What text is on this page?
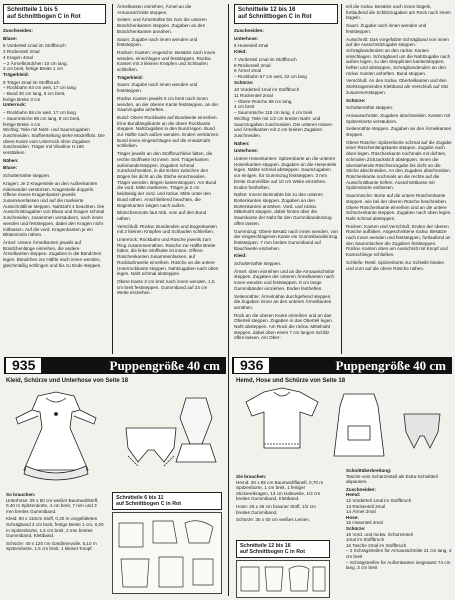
Schnitteile 1 bis 5
auf Schnittbogen C in Rot

Zuschneiden:

Bluse:

5 Vorderteil 1mal im Stoffbruch
2 Rückenteil 2mal
4 Kragen 4mal
– 2 Ärmelbündchen 10 cm lang,
2 cm breit, fertige Breite 1 cm

Trägerkleid:

5 Träger 2mal im Stoffbruch
– Rockbahn 64 cm weit, 17 cm lang
– Bund 30 cm lang, 6 cm breit,
fertige Breite 3 cm

Unterrock:

– Rockbahn 58 cm weit, 17 cm lang
– Saumrüsche 88 cm lang, 8 cm breit,
fertige Breite 4 cm

Wichtig: Teile mit Naht- und Saumzugaben zuschneiden. Stoffverteilung siehe Modellfoto. Die obere Kante vom Unterrock ohne Zugaben zuschneiden. Träger mit Vliesline H 180 verstärken.

Nähen:

Bluse:

Schulternähte steppen.

Kragen: Je 2 Kragenteile an den Außenkanten miteinander verstürzen. Kragenteile doppeln. Offene innere Kragenkanten jeweils zusammenfassen und auf die markierte Ausschnittlinie steppen. Nahtzahl 4 beachten. Die Ausschnittzugaben von Bluse und Kragen schmal zuschneiden, zusammen versäubern, nach innen wenden und feststeppen, dabei den Kragen nicht mitfassen. Auf die vord. Kragenkanten je ein Blütenmotiv nähen.

Ärmel: Untere Ärmelkanten jeweils auf Bündchenlänge einreihen, die andere Ärmelkanten steppen. Zugaben in die Bündchen legen. Bündchen zur Hälfte nach innen wenden, gleichmäßig schlingen und bis zu Ende steppen.

Ärmelkanten einreihen, Ärmel an die Armausschnitte steppen.

Seiten- und Ärmelnähte bis zum die unteren Bündchenkanten steppen. Zugaben an den Bündchenkanten annähen.

Saum: Zugabe nach innen wenden und feststeppen.

Rücken: Kanten: Angeschn. Besätze nach innen wenden, einschlagen und feststeppen. Rückw. Kanten mit 3 kleinen Knöpfen und Schlaufen schließen.

Trägerkleid:

Saum: Zugabe nach innen wenden und feststeppen.

Rückw. Kanten jeweils 5 cm breit nach innen wenden, an der oberen Kante feststeppen, an der Saumzugabe anheften.

Bund: Obere Rockkante auf Bundweite einreihen. Eine Bundlängskante an die obere Rockkante steppen. Nahtzugaben in den Bund legen. Bund zur Hälfte nach außen wenden. Enden verstürzen. Bund innen eingeschlagen auf die Ansatznaht schließen.

Träger jeweils an den Stoffbruchlinie falten, die rechte Stoffseite ist innen. Seit. Trägerkanten aufeinandersteppen. Zugaben schmal zurückschneiden, in die Ecken zwischen den Bögen bis dicht an die Stiche einschneiden. Träger wenden. Bögen kantenstoppen. Am Bund die vord. Mitte markieren. Träger je 2 cm beidseitig der vord. und rückw. Mitte unter den Bund nähen. Anschließend beachten, die Bogenkanten zeigen nach außen.

Blümchenmotiv laut Abb. vom auf den Bund nähen.

Verschluß: Rückw. Bundenden und Bogenkanten mit 2 kleinen Knöpfen und Schlaufen schließen.

Unterrock: Rockbahn und Rüsche jeweils zum Ring zusammennähen. Rüsche zur Hälfte Breite falten, die linke Stoffseite ist innen. Offene Rüschenkanten zusammenfassen, auf Rockbahnweite einreihen. Rüsche an die untere Unterrockkante steppen. Nahtzugaben nach oben legen. Naht schmal absteppen.

Obere Kante 2 cm breit nach innen wenden, 1,5 cm breit feststeppen. Gummiband auf 24 cm Weite einziehen.

Schnitteile 12 bis 16
auf Schnittbogen C in Rot

Zuschneiden:

Unterhose:

6 Hosenteil 2mal

Kleid:

7 Vorderteil 1mal im Stoffbruch
8 Rückenteil 2mal
9 Ärmel 2mal
– Rockbahn 67 cm weit, 22 cm lang

Schürze:

10 Vorderteil 1mal im Stoffbruch
11 Rückenteil 2mal
– Obere Rüsche 68 cm lang,
4 cm breit
– Saumrüsche 118 cm lang, 4 cm breit

Wichtig: Teile mit 1/2 cm breiten Naht- und Saumzugaben zuschneiden. Die unteren Hosen- und Ärmelkanten mit 2 cm breiten Zugaben zuschneiden.

Nähen:

Unterhose:

Untere Hosenkanten: Spitzenborte an die unteren Hosenkanten steppen. Zugaben an die Hosenteile legen. Nähte schmal absteppen. Saumzugaben vor einigen. für Gummizug feststeppen. 3 mm breite Gummilitze auf 10 cm Weite einziehen. Enden festheften.

Nähte: Innere Beinnähte bis zu den unteren Bortenkanten steppen. Zugaben an den Bortenkanten annähen. Vord. und rückw. Mittelnaht steppen, dabei hinten über die Saumkante der Naht für den Gummibandeinzug offen lassen.

Gummizug: Obere Besatz nach innen wenden, von der eingeschlagenen Kante ein Gummibandeinzug feststeppen. 7 mm breites Gummiband auf Bauchweite einziehen.

Kleid:

Schulternähte steppen.

Ärmel: oben einreihen und an die Armausschnitte steppen. Zugaben der unteren Ärmelkanten nach innen wenden und feststeppen. 8 cm lange Gummibänder einziehen. Enden festheften.

Seitennähte: Ärmelnähte durchgehend steppen, die Zugaben innen an den unteren Ärmelkanten annähen.

Rock an die oberen Kante einreihen und an das Oberteil steppen. Zugaben in das Oberteil legen. Naht absteppen. Am Rock die rückw. Mittelnaht steppen, dabei oben einen 7 cm langen Schlitz offen lassen. Am Ober-

teil die rückw. Besätze nach innen bügeln, fortlaufend die Schlitzzugaben am Rock nach innen bügeln.

Saum: Zugabe nach innen wenden und feststeppen.

Ausschnitt: Das vorgefalzte Schrägband von innen auf die Ausschnittzugabe steppen. Schrägbandenden an den rückw. Kanten einschlagen. Schrägband um die Nahtzugabe nach außen legen, zu den Stepplinien kantenstoppen, heften und absteppen, Schrägbandenden an den rückw. Kanten anheften. Bund stoppen.

Verschluß: An den rückw. Oberteilkanten und den Stehkragenenden Klettband als Verschluß auf Sitz zusammensteppen.

Schürze:

Schulternähte steppen.

Armausschnitte: Zugaben abschneiden. Kanten mit Spitzenborte versäubern.

Seitennähte steppen. Zugaben an den Ärmelkanten steppen.

Obere Rüsche: Spitzenborte schmal auf die Zugabe einer Rüschenlängskante steppen. Zugabe nach oben legen. Rüschenkante nochmals mit dichten, schmalen Zickzackstich absteppen. Innen die überstehende Rüschenzugabe bis dicht an die Stiche abschneiden. An den Zugaben abschneiden. Rüschenkante nochmals an die rechte auf die Ausschnittkante heften. Ausschnittkante mit Spitzenborte einfassen.

Saumrüsche: Borte auf die untere Rüschenkante steppen, wie bei der oberen Rüsche beschrieben. Obere Rüschenkante einreihen und an die untere Schürzenkante steppen. Zugaben nach oben legen. Naht schmal absteppen.

Rücken: Kanten und Verschluß: Enden der oberen Rüsche auffalten. Angeschnittene rückw. Besätze nach innen wenden und feststeppen, fortlaufend an den Saumrüschen die Zugaben feststeppen. Rückw. Kanten oben am Ausschnitt mit Knopf und Kamschlinge schließen.

Schleife: Restl. Spitzenborte zur Schleife binden und vorn auf die obere Rüsche nähen.

935	Puppengröße 40 cm	936	Puppengröße 40 cm
Kleid, Schürze und Unterhose von Seite 18	Hemd, Hose und Schürze von Seite 18
So brauchen:

Unterhose: 25 x 50 cm weißer Baumwollstoff, 0,40 m Spitzenborte, 4 cm breit, 7 mm und 3 mm breites Gummiband.

Kleid: 90 x 110cm Stoff, 0,20 m vorgefaltetes Schrägband 2 cm breit, fertige Breite 1 cm, 0,20 m Spitzenborte, 1,5 cm breit, 3 mm breites Gummiband, Klettband.

Schürze: 40 x 120 cm Gardinenvoile, 5,10 m Spitzenborte, 1,5 cm breit, 1 kleiner Knopf.

Schnitteile 6 bis 11
auf Schnittbogen C in Rot
Sie brauchen:

Hemd: 30 x 85 cm Baumwollflanell, 0,70 m Spitzenborte, 1 cm breit, 1 fertiger Stickereikragen, 13 cm Halsweite, 1/2 cm breites Gummiband, Klettband.

Hose: 25 x 45 cm brauner Stoff, 1/2 cm breites Gummiband.

Schürze: 35 x 60 cm weißes Leinen.

Schnitteile 12 bis 16
auf Schnittbogen C in Rot
Schnittüberbreitung:

Tasche vom Schürzenteil als Extra-Schnittteil abpausen.

Zuschneiden:
Hemd:
12 Vorderteil 1mal im Stoffbruch
13 Rückenteil 2mal
14 Ärmel 2mal
Hose:
15 Hosenteil 2mal
Schürze:
16 Vord. und rückw. Schürzenteil
1mal im Stoffbruch
16 Tasche 2mal im Stoffbruch
– 2 Schrägstreifen für Armausschnitte 21 cm lang, 3 cm breit
– Schrägstreifen für Außenkanten insgesamt 74 cm lang, 3 cm breit
